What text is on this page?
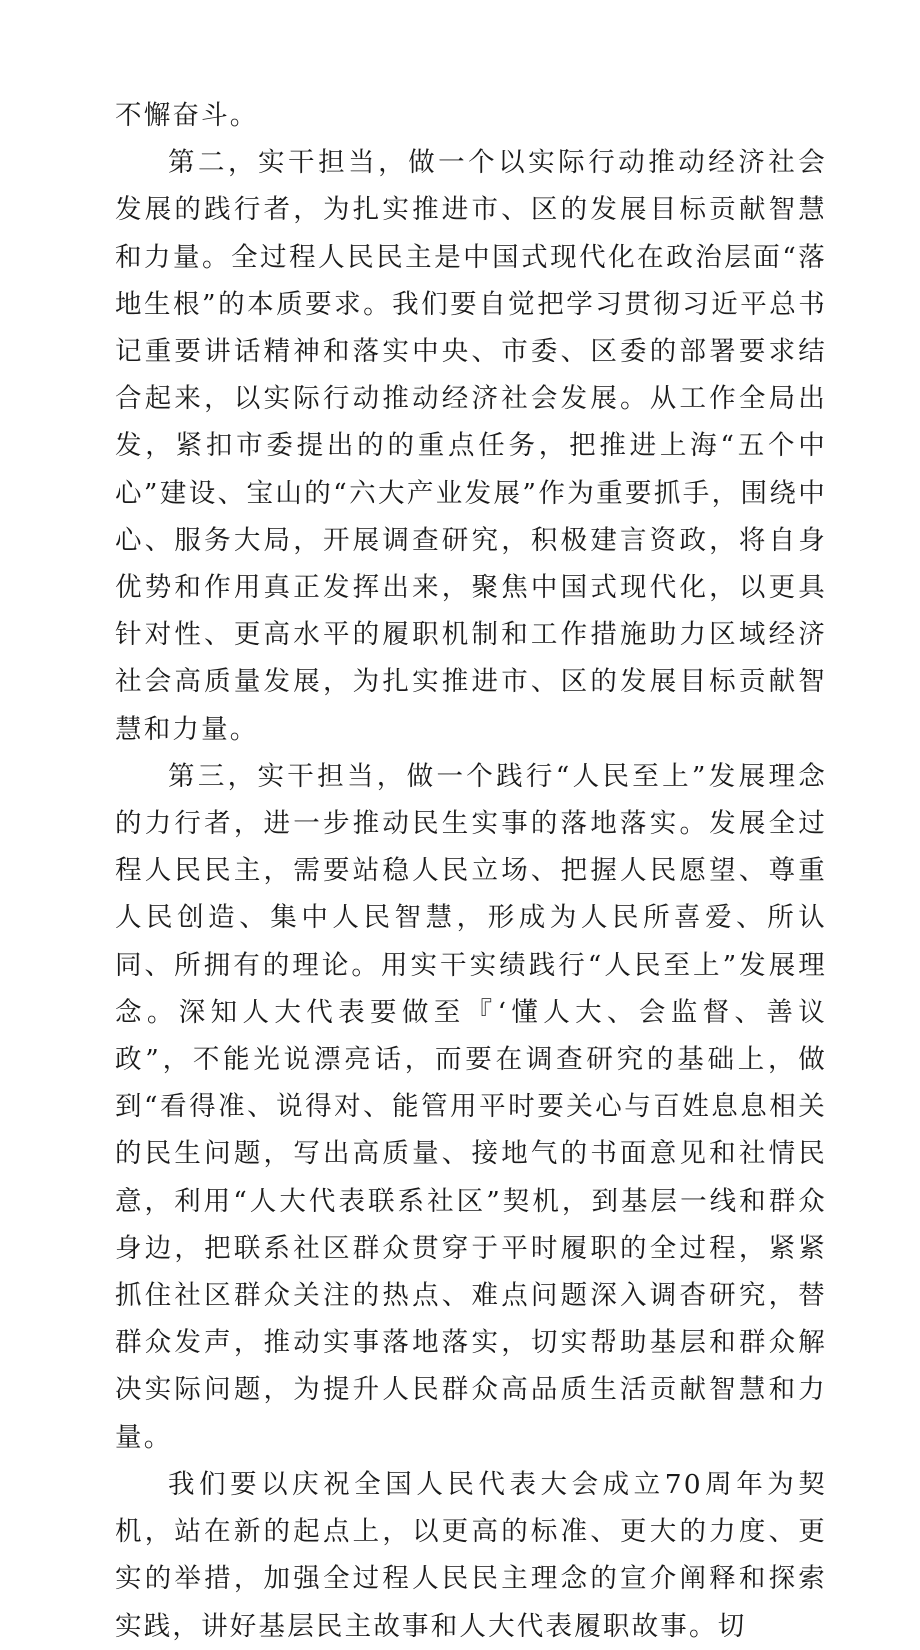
不懈奋斗。

第二，实干担当，做一个以实际行动推动经济社会发展的践行者，为扎实推进市、区的发展目标贡献智慧和力量。全过程人民民主是中国式现代化在政治层面“落地生根”的本质要求。我们要自觉把学习贯彻习近平总书记重要讲话精神和落实中央、市委、区委的部署要求结合起来，以实际行动推动经济社会发展。从工作全局出发，紧扣市委提出的的重点任务，把推进上海“五个中心”建设、宝山的“六大产业发展”作为重要抓手，围绕中心、服务大局，开展调查研究，积极建言资政，将自身优势和作用真正发挥出来，聚焦中国式现代化，以更具针对性、更高水平的履职机制和工作措施助力区域经济社会高质量发展，为扎实推进市、区的发展目标贡献智慧和力量。

第三，实干担当，做一个践行“人民至上”发展理念的力行者，进一步推动民生实事的落地落实。发展全过程人民民主，需要站稳人民立场、把握人民愿望、尊重人民创造、集中人民智慧，形成为人民所喜爱、所认同、所拥有的理论。用实干实绩践行“人民至上”发展理念。深知人大代表要做至『‘懂人大、会监督、善议政”，不能光说漂亮话，而要在调查研究的基础上，做到“看得准、说得对、能管用平时要关心与百姓息息相关的民生问题，写出高质量、接地气的书面意见和社情民意，利用“人大代表联系社区”契机，到基层一线和群众身边，把联系社区群众贯穿于平时履职的全过程，紧紧抓住社区群众关注的热点、难点问题深入调杳研究，替群众发声，推动实事落地落实，切实帮助基层和群众解决实际问题，为提升人民群众高品质生活贡献智慧和力量。

我们要以庆祝全国人民代表大会成立70周年为契机，站在新的起点上，以更高的标准、更大的力度、更实的举措，加强全过程人民民主理念的宣介阐释和探索实践，讲好基层民主故事和人大代表履职故事。切
